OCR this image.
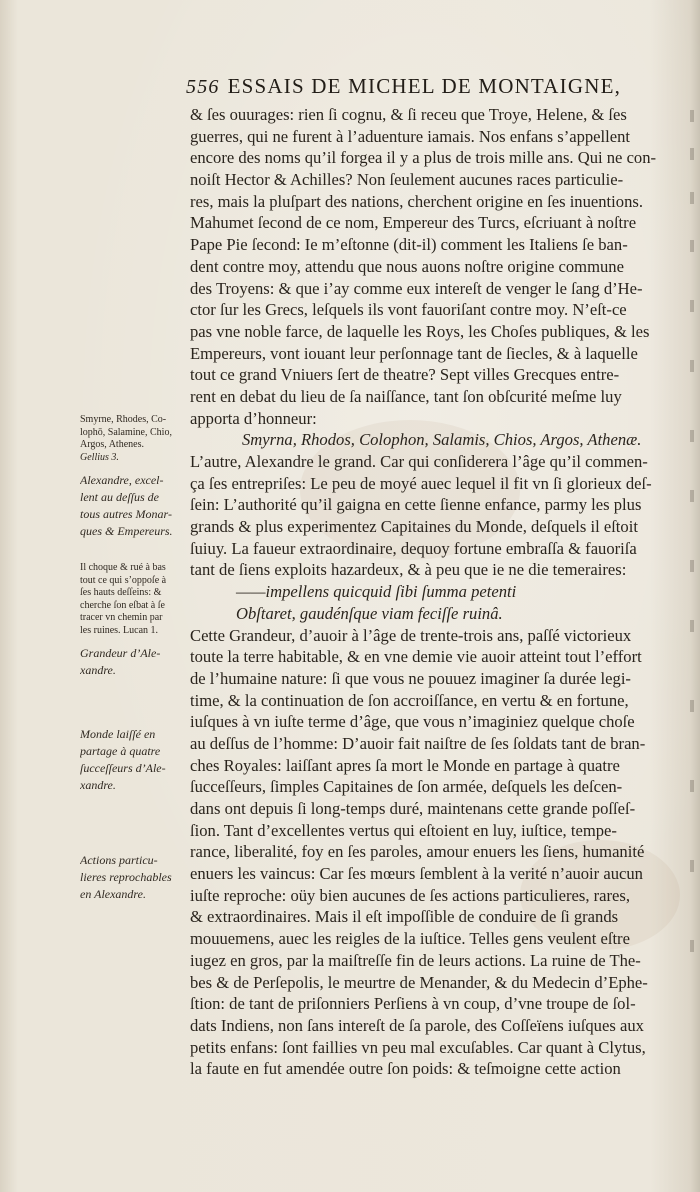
556 ESSAIS DE MICHEL DE MONTAIGNE,
& ſes ouurages: rien ſi cognu, & ſi receu que Troye, Helene, & ſes
guerres, qui ne furent à l’aduenture iamais. Nos enfans s’appellent
encore des noms qu’il forgea il y a plus de trois mille ans. Qui ne con-
noiſt Hector & Achilles? Non ſeulement aucunes races particulie-
res, mais la pluſpart des nations, cherchent origine en ſes inuentions.
Mahumet ſecond de ce nom, Empereur des Turcs, eſcriuant à noſtre
Pape Pie ſecond: Ie m’eſtonne (dit-il) comment les Italiens ſe ban-
dent contre moy, attendu que nous auons noſtre origine commune
des Troyens: & que i’ay comme eux intereſt de venger le ſang d’He-
ctor ſur les Grecs, leſquels ils vont fauoriſant contre moy. N’eſt-ce
pas vne noble farce, de laquelle les Roys, les Choſes publiques, & les
Empereurs, vont iouant leur perſonnage tant de ſiecles, & à laquelle
tout ce grand Vniuers ſert de theatre? Sept villes Grecques entre-
rent en debat du lieu de ſa naiſſance, tant ſon obſcurité meſme luy
apporta d’honneur:
Smyrna, Rhodos, Colophon, Salamis, Chios, Argos, Athenæ.
L’autre, Alexandre le grand. Car qui conſiderera l’âge qu’il commen-
ça ſes entrepriſes: Le peu de moyé auec lequel il fit vn ſi glorieux deſ-
ſein: L’authorité qu’il gaigna en cette ſienne enfance, parmy les plus
grands & plus experimentez Capitaines du Monde, deſquels il eſtoit
ſuiuy. La faueur extraordinaire, dequoy fortune embraſſa & fauoriſa
tant de ſiens exploits hazardeux, & à peu que ie ne die temeraires:
——impellens quicquid ſibi ſumma petenti
Obſtaret, gaudénſque viam feciſſe ruinâ.
Cette Grandeur, d’auoir à l’âge de trente-trois ans, paſſé victorieux
toute la terre habitable, & en vne demie vie auoir atteint tout l’effort
de l’humaine nature: ſi que vous ne pouuez imaginer ſa durée legi-
time, & la continuation de ſon accroiſſance, en vertu & en fortune,
iuſques à vn iuſte terme d’âge, que vous n’imaginiez quelque choſe
au deſſus de l’homme: D’auoir fait naiſtre de ſes ſoldats tant de bran-
ches Royales: laiſſant apres ſa mort le Monde en partage à quatre
ſucceſſeurs, ſimples Capitaines de ſon armée, deſquels les deſcen-
dans ont depuis ſi long-temps duré, maintenans cette grande poſſeſ-
ſion. Tant d’excellentes vertus qui eſtoient en luy, iuſtice, tempe-
rance, liberalité, foy en ſes paroles, amour enuers les ſiens, humanité
enuers les vaincus: Car ſes mœurs ſemblent à la verité n’auoir aucun
iuſte reproche: oüy bien aucunes de ſes actions particulieres, rares,
& extraordinaires. Mais il eſt impoſſible de conduire de ſi grands
mouuemens, auec les reigles de la iuſtice. Telles gens veulent eſtre
iugez en gros, par la maiſtreſſe fin de leurs actions. La ruine de The-
bes & de Perſepolis, le meurtre de Menander, & du Medecin d’Ephe-
ſtion: de tant de priſonniers Perſiens à vn coup, d’vne troupe de ſol-
dats Indiens, non ſans intereſt de ſa parole, des Coſſeïens iuſques aux
petits enfans: ſont faillies vn peu mal excuſables. Car quant à Clytus,
la faute en fut amendée outre ſon poids: & teſmoigne cette action
Smyrne, Rhodes, Co-
lophō, Salamine, Chio,
Argos, Athenes.
Gellius 3.
Alexandre, excel-
lent au deſſus de
tous autres Monar-
ques & Empereurs.
Il choque & rué à bas
tout ce qui s’oppoſe à
ſes hauts deſſeins: &
cherche ſon eſbat à ſe
tracer vn chemin par
les ruines. Lucan 1.
Grandeur d’Ale-
xandre.
Monde laiſſé en
partage à quatre
ſucceſſeurs d’Ale-
xandre.
Actions particu-
lieres reprochables
en Alexandre.
